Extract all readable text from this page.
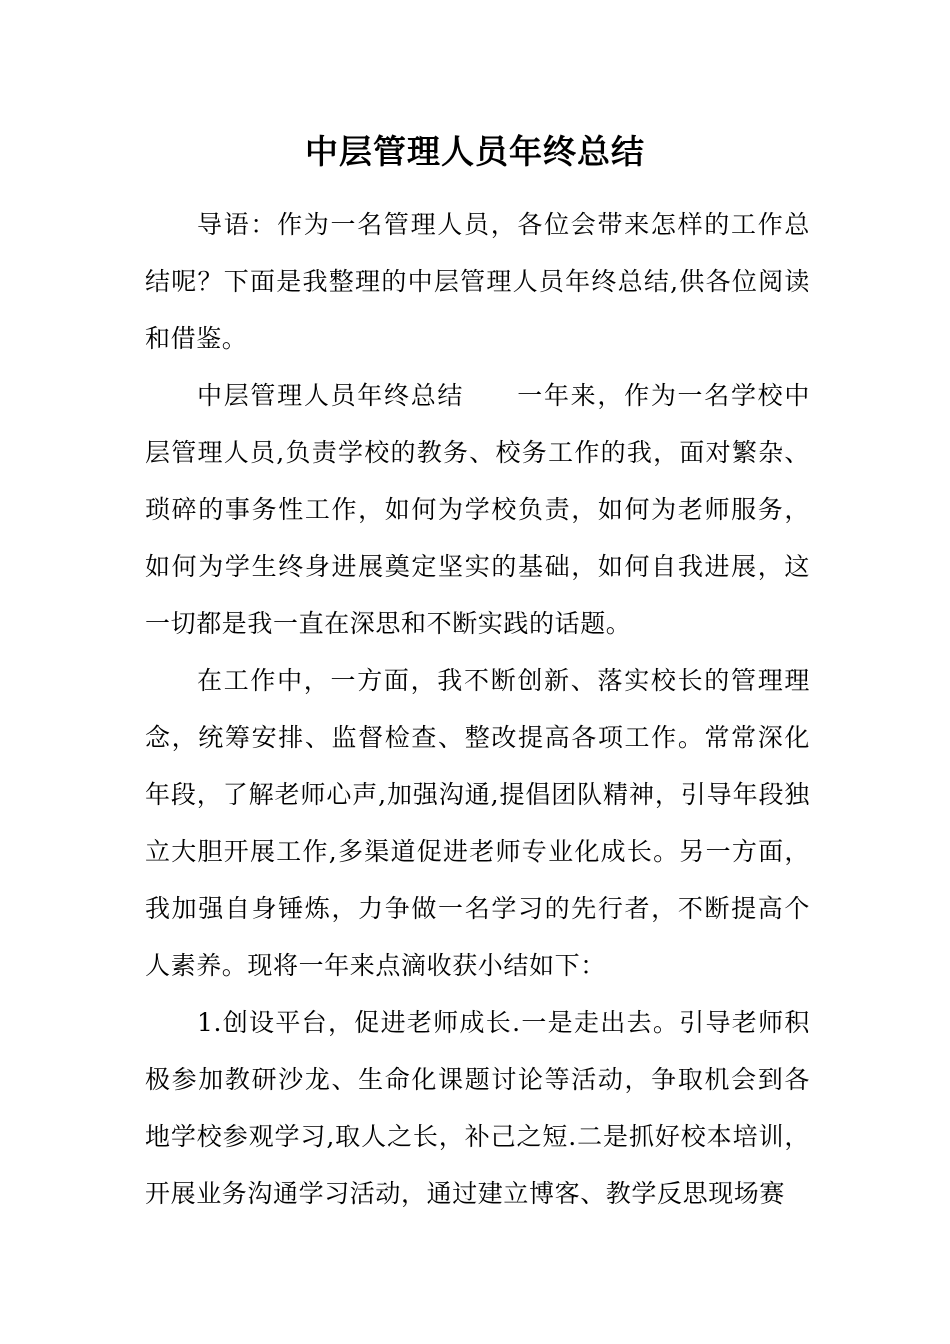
中层管理人员年终总结

导语：作为一名管理人员，各位会带来怎样的工作总结呢？下面是我整理的中层管理人员年终总结,供各位阅读和借鉴。

中层管理人员年终总结 一年来，作为一名学校中层管理人员,负责学校的教务、校务工作的我，面对繁杂、琐碎的事务性工作，如何为学校负责，如何为老师服务，如何为学生终身进展奠定坚实的基础，如何自我进展，这一切都是我一直在深思和不断实践的话题。

在工作中，一方面，我不断创新、落实校长的管理理念，统筹安排、监督检查、整改提高各项工作。常常深化年段，了解老师心声,加强沟通,提倡团队精神，引导年段独立大胆开展工作,多渠道促进老师专业化成长。另一方面，我加强自身锤炼，力争做一名学习的先行者，不断提高个人素养。现将一年来点滴收获小结如下：

1.创设平台，促进老师成长.一是走出去。引导老师积极参加教研沙龙、生命化课题讨论等活动，争取机会到各地学校参观学习,取人之长，补己之短.二是抓好校本培训，开展业务沟通学习活动，通过建立博客、教学反思现场赛
